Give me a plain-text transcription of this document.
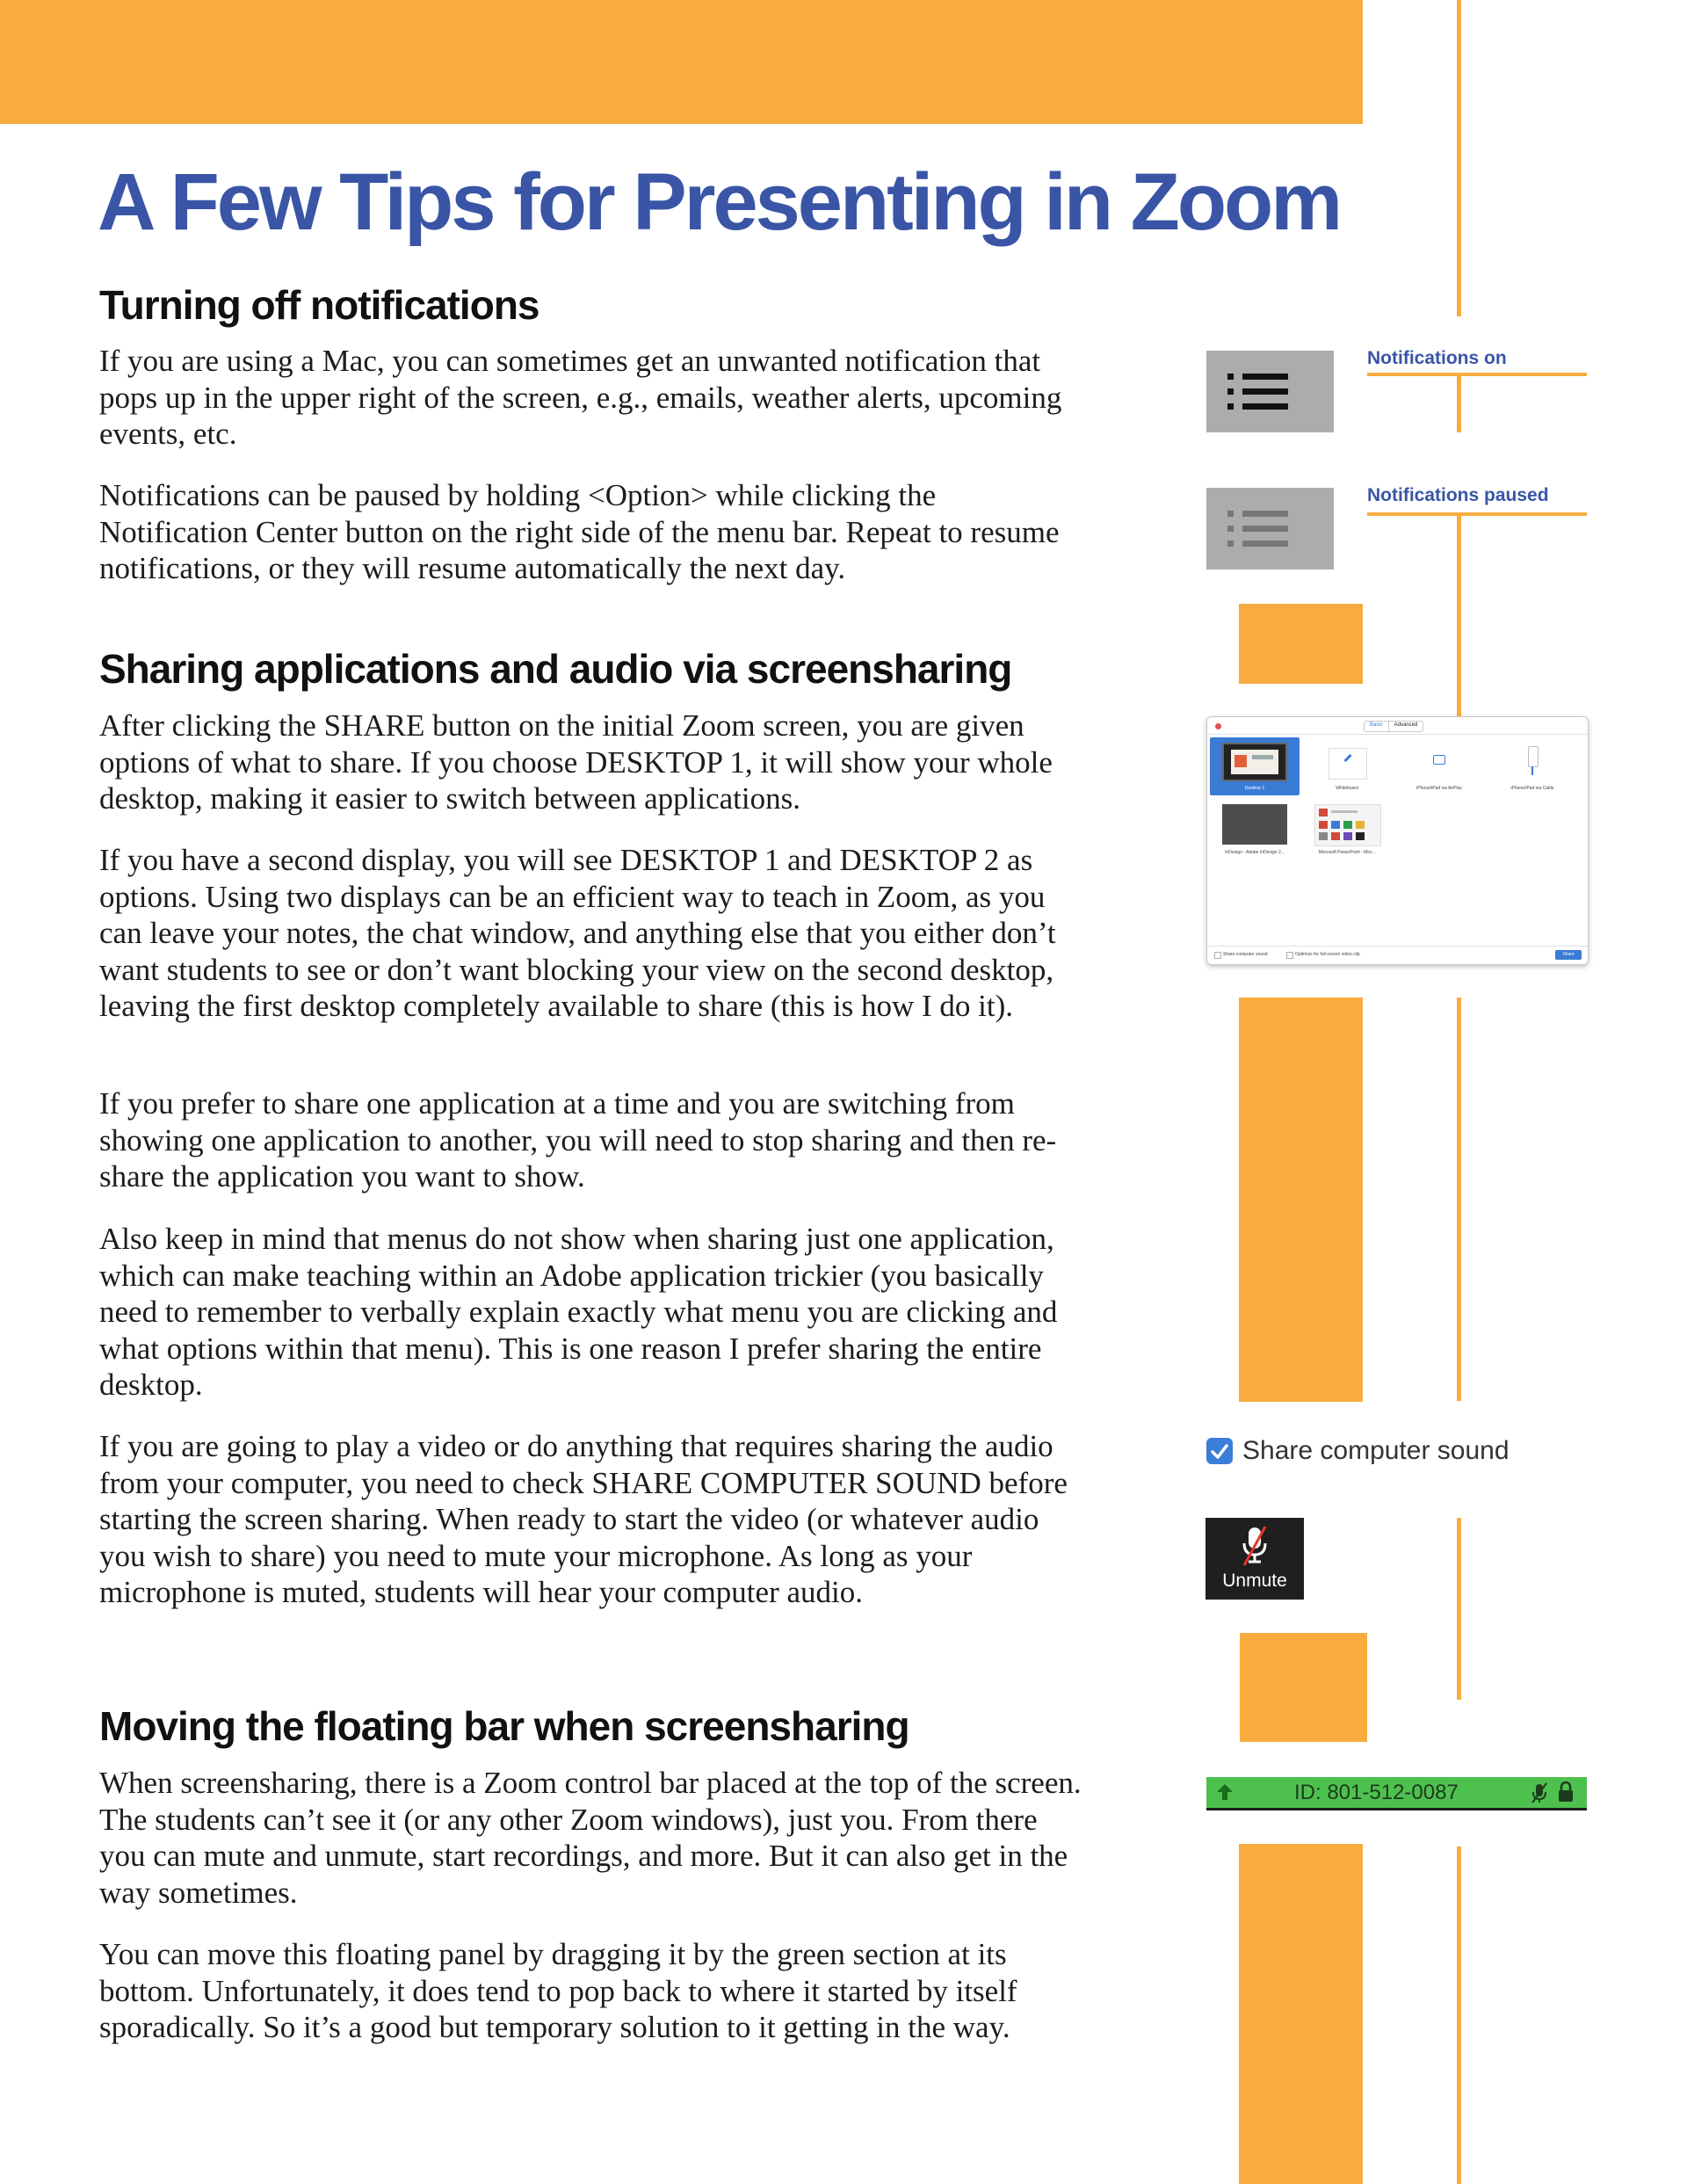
A Few Tips for Presenting in Zoom
Turning off notifications

If you are using a Mac, you can sometimes get an unwanted notification that pops up in the upper right of the screen, e.g., emails, weather alerts, upcoming events, etc.

Notifications can be paused by holding <Option> while clicking the Notification Center button on the right side of the menu bar. Repeat to resume notifications, or they will resume automatically the next day.

Sharing applications and audio via screensharing

After clicking the SHARE button on the initial Zoom screen, you are given options of what to share. If you choose DESKTOP 1, it will show your whole desktop, making it easier to switch between applications.

If you have a second display, you will see DESKTOP 1 and DESKTOP 2 as options. Using two displays can be an efficient way to teach in Zoom, as you can leave your notes, the chat window, and anything else that you either don’t want students to see or don’t want blocking your view on the second desktop, leaving the first desktop completely available to share (this is how I do it).

If you prefer to share one application at a time and you are switching from showing one application to another, you will need to stop sharing and then re-share the application you want to show.

Also keep in mind that menus do not show when sharing just one application, which can make teaching within an Adobe application trickier (you basically need to remember to verbally explain exactly what menu you are clicking and what options within that menu). This is one reason I prefer sharing the entire desktop.

If you are going to play a video or do anything that requires sharing the audio from your computer, you need to check SHARE COMPUTER SOUND before starting the screen sharing. When ready to start the video (or whatever audio you wish to share) you need to mute your microphone. As long as your microphone is muted, students will hear your computer audio.

Moving the floating bar when screensharing

When screensharing, there is a Zoom control bar placed at the top of the screen. The students can’t see it (or any other Zoom windows), just you. From there you can mute and unmute, start recordings, and more. But it can also get in the way sometimes.

You can move this floating panel by dragging it by the green section at its bottom. Unfortunately, it does tend to pop back to where it started by itself sporadically. So it’s a good but temporary solution to it getting in the way.

Notifications on

Notifications paused

Basic	Advanced
Desktop 1	Whiteboard	iPhone/iPad via AirPlay	iPhone/iPad via Cable
InDesign - Adobe InDesign 2...	Microsoft PowerPoint - Micr...
Share computer sound	Optimize for full-screen video clip	Share

Share computer sound

Unmute

ID: 801-512-0087
